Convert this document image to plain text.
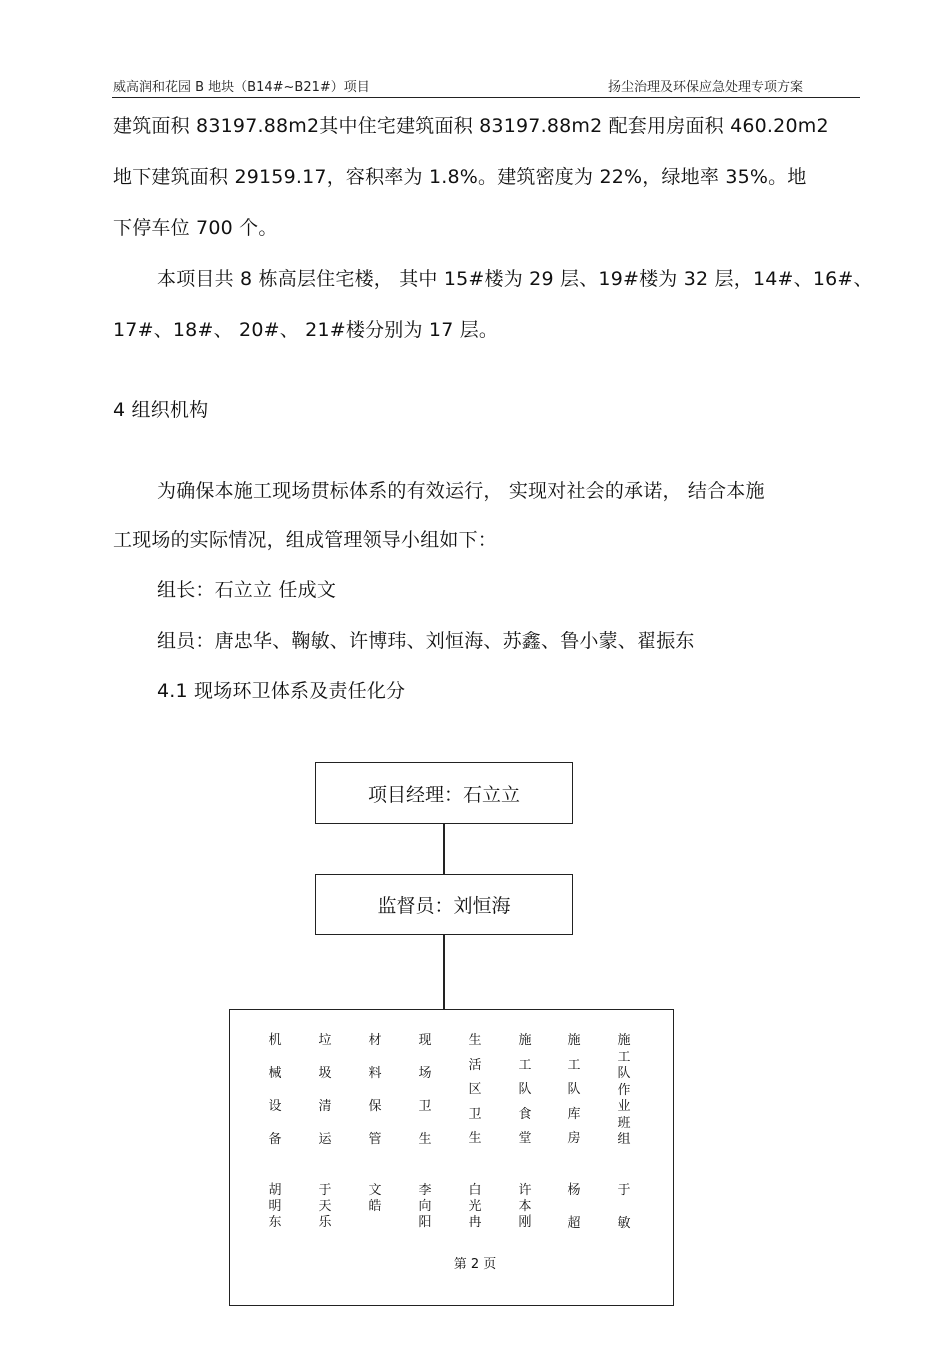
威高润和花园 B 地块（B14#~B21#）项目	扬尘治理及环保应急处理专项方案
建筑面积 83197.88m2其中住宅建筑面积 83197.88m2 配套用房面积 460.20m2
地下建筑面积 29159.17，容积率为 1.8%。建筑密度为 22%，绿地率 35%。地
下停车位 700 个。
本项目共 8 栋高层住宅楼， 其中 15#楼为 29 层、19#楼为 32 层，14#、16#、
17#、18#、 20#、 21#楼分别为 17 层。
4 组织机构
为确保本施工现场贯标体系的有效运行， 实现对社会的承诺， 结合本施
工现场的实际情况，组成管理领导小组如下：
组长：石立立 任成文
组员：唐忠华、鞠敏、许博玮、刘恒海、苏鑫、鲁小蒙、翟振东
4.1 现场环卫体系及责任化分
项目经理：石立立
监督员：刘恒海
机
械
设
备
垃
圾
清
运
材
料
保
管
现
场
卫
生
生
活
区
卫
生
施
工
队
食
堂
施
工
队
库
房
施
工
队
作
业
班
组
胡
明
东
于
天
乐
文
皓
李
向
阳
白
光
冉
许
本
刚
杨
超
于
敏
第 2 页
